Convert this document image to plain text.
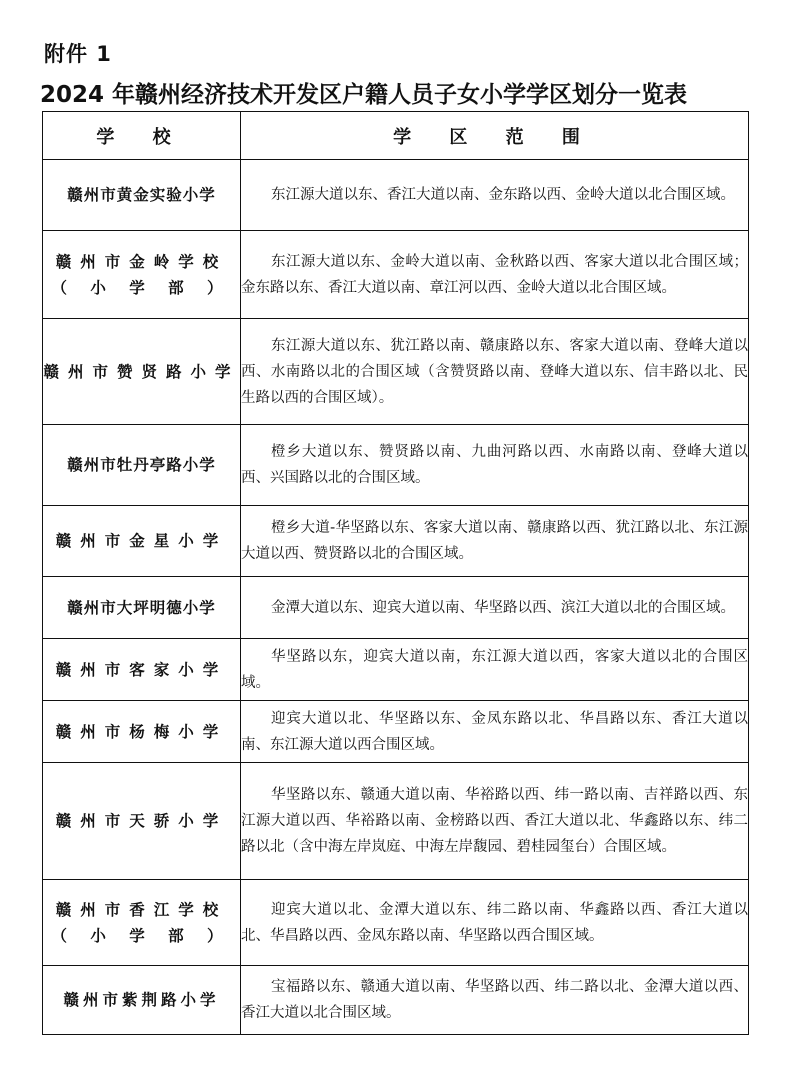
附件 1
2024 年赣州经济技术开发区户籍人员子女小学学区划分一览表
学 校	学 区 范 围
赣州市黄金实验小学	东江源大道以东、香江大道以南、金东路以西、金岭大道以北合围区域。

赣州市金岭学校
（ 小 学 部 ）	东江源大道以东、金岭大道以南、金秋路以西、客家大道以北合围区域；金东路以东、香江大道以南、章江河以西、金岭大道以北合围区域。

赣州市赞贤路小学	东江源大道以东、犹江路以南、赣康路以东、客家大道以南、登峰大道以西、水南路以北的合围区域（含赞贤路以南、登峰大道以东、信丰路以北、民生路以西的合围区域）。

赣州市牡丹亭路小学	橙乡大道以东、赞贤路以南、九曲河路以西、水南路以南、登峰大道以西、兴国路以北的合围区域。

赣州市金星小学	橙乡大道-华坚路以东、客家大道以南、赣康路以西、犹江路以北、东江源大道以西、赞贤路以北的合围区域。

赣州市大坪明德小学	金潭大道以东、迎宾大道以南、华坚路以西、滨江大道以北的合围区域。

赣州市客家小学	华坚路以东，迎宾大道以南，东江源大道以西，客家大道以北的合围区域。

赣州市杨梅小学	迎宾大道以北、华坚路以东、金凤东路以北、华昌路以东、香江大道以南、东江源大道以西合围区域。

赣州市天骄小学	华坚路以东、赣通大道以南、华裕路以西、纬一路以南、吉祥路以西、东江源大道以西、华裕路以南、金榜路以西、香江大道以北、华鑫路以东、纬二路以北（含中海左岸岚庭、中海左岸馥园、碧桂园玺台）合围区域。

赣州市香江学校
（ 小 学 部 ）	迎宾大道以北、金潭大道以东、纬二路以南、华鑫路以西、香江大道以北、华昌路以西、金凤东路以南、华坚路以西合围区域。

赣州市紫荆路小学	宝福路以东、赣通大道以南、华坚路以西、纬二路以北、金潭大道以西、香江大道以北合围区域。
